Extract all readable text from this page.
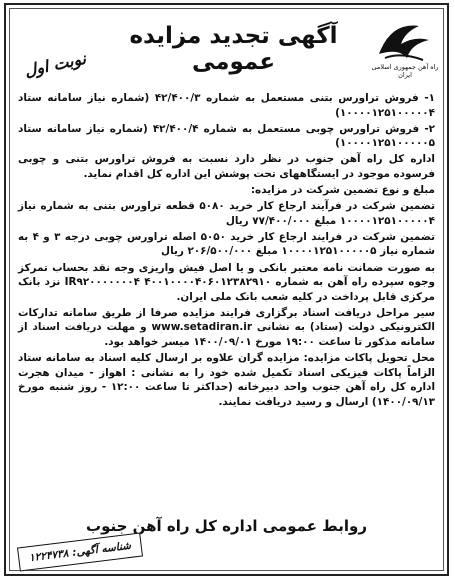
نوبت اول
آگهی تجدید مزایده عمومی	راه آهن جمهوری اسلامی ایران

۱- فروش تراورس بتنی مستعمل به شماره ۴۲/۴۰۰/۳ (شماره نیاز سامانه ستاد ۱۰۰۰۰۱۲۵۱۰۰۰۰۰۴)

۲- فروش تراورس چوبی مستعمل به شماره ۴۲/۴۰۰/۴ (شماره نیاز سامانه ستاد ۱۰۰۰۰۱۲۵۱۰۰۰۰۰۵)

اداره کل راه آهن جنوب در نظر دارد نسبت به فروش تراورس بتنی و چوبی فرسوده موجود در ایستگاههای تحت پوشش این اداره کل اقدام نماید.

مبلغ و نوع تضمین شرکت در مزایده:

تضمین شرکت در فرآیند ارجاع کار خرید ۵۰۸۰ قطعه تراورس بتنی به شماره نیاز ۱۰۰۰۰۱۲۵۱۰۰۰۰۰۴ مبلغ ۷۷/۴۰۰/۰۰۰ ریال

تضمین شرکت در فرایند ارجاع کار خرید ۵۰۵۰ اصله تراورس چوبی درجه ۳ و ۴ به شماره نیاز ۱۰۰۰۰۱۲۵۱۰۰۰۰۰۵ مبلغ ۲۰۶/۵۰۰/۰۰۰ ریال

به صورت ضمانت نامه معتبر بانکی و یا اصل فیش واریزی وجه نقد بحساب تمرکز وجوه سپرده راه آهن به شماره ۴۰۰۱۰۰۰۰۴۰۶۰۱۲۳۸۲۹۱۰ IR۹۲۰۰۰۰۰۰۰۴ نزد بانک مرکزی قابل پرداخت در کلیه شعب بانک ملی ایران.

سیر مراحل دریافت اسناد برگزاری فرایند مزایده صرفا از طریق سامانه تدارکات الکترونیکی دولت (ستاد) به نشانی www.setadiran.ir و مهلت دریافت اسناد از سامانه مذکور تا ساعت ۱۹:۰۰ مورخ ۱۴۰۰/۰۹/۰۱ میسر خواهد بود.

محل تحویل پاکات مزایده: مزایده گران علاوه بر ارسال کلیه اسناد به سامانه ستاد الزاماً پاکات فیزیکی اسناد تکمیل شده خود را به نشانی : اهواز - میدان هجرت اداره کل راه آهن جنوب واحد دبیرخانه (حداکثر تا ساعت ۱۲:۰۰ - روز شنبه مورخ ۱۴۰۰/۰۹/۱۳) ارسال و رسید دریافت نمایند.

روابط عمومی اداره کل راه آهن جنوب
شناسه آگهی:
۱۲۲۴۷۳۸
